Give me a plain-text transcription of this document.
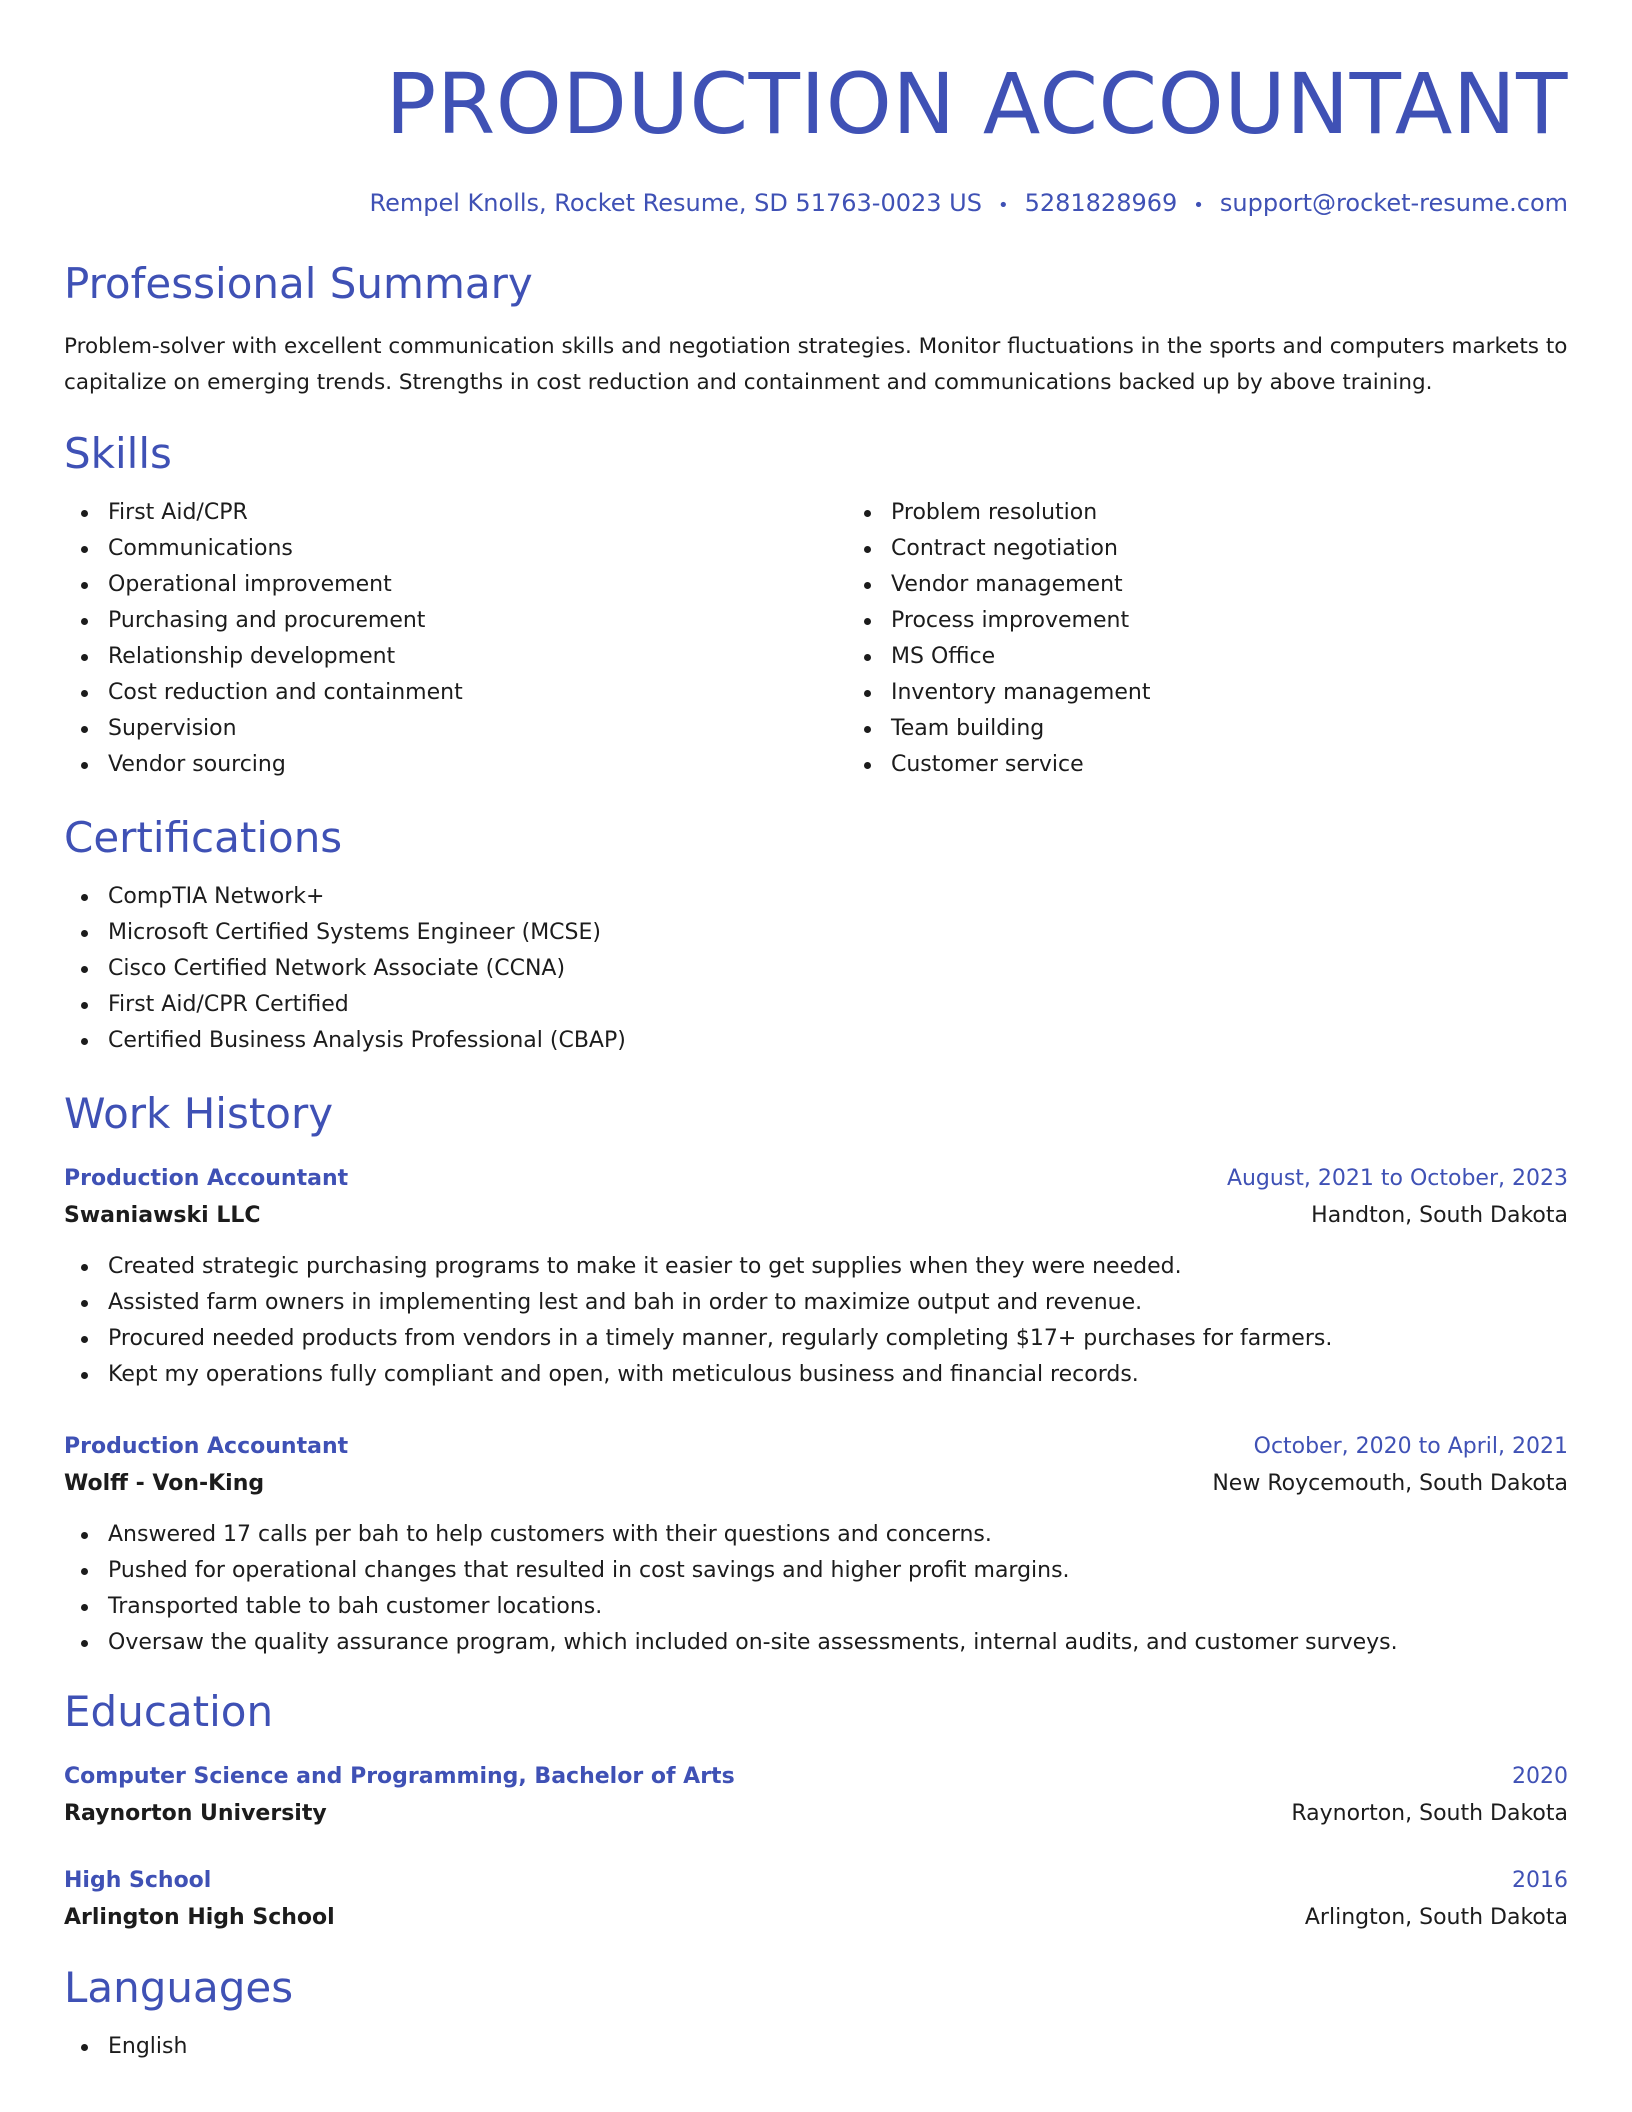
PRODUCTION ACCOUNTANT
Rempel Knolls, Rocket Resume, SD 51763-0023 US • 5281828969 • support@rocket-resume.com
Professional Summary
Problem-solver with excellent communication skills and negotiation strategies. Monitor fluctuations in the sports and computers markets to capitalize on emerging trends. Strengths in cost reduction and containment and communications backed up by above training.
Skills
First Aid/CPR
Communications
Operational improvement
Purchasing and procurement
Relationship development
Cost reduction and containment
Supervision
Vendor sourcing
Problem resolution
Contract negotiation
Vendor management
Process improvement
MS Office
Inventory management
Team building
Customer service
Certifications
CompTIA Network+
Microsoft Certified Systems Engineer (MCSE)
Cisco Certified Network Associate (CCNA)
First Aid/CPR Certified
Certified Business Analysis Professional (CBAP)
Work History
Production Accountant	August, 2021 to October, 2023
Swaniawski LLC	Handton, South Dakota
Created strategic purchasing programs to make it easier to get supplies when they were needed.
Assisted farm owners in implementing lest and bah in order to maximize output and revenue.
Procured needed products from vendors in a timely manner, regularly completing $17+ purchases for farmers.
Kept my operations fully compliant and open, with meticulous business and financial records.
Production Accountant	October, 2020 to April, 2021
Wolff - Von-King	New Roycemouth, South Dakota
Answered 17 calls per bah to help customers with their questions and concerns.
Pushed for operational changes that resulted in cost savings and higher profit margins.
Transported table to bah customer locations.
Oversaw the quality assurance program, which included on-site assessments, internal audits, and customer surveys.
Education
Computer Science and Programming, Bachelor of Arts	2020
Raynorton University	Raynorton, South Dakota
High School	2016
Arlington High School	Arlington, South Dakota
Languages
English
